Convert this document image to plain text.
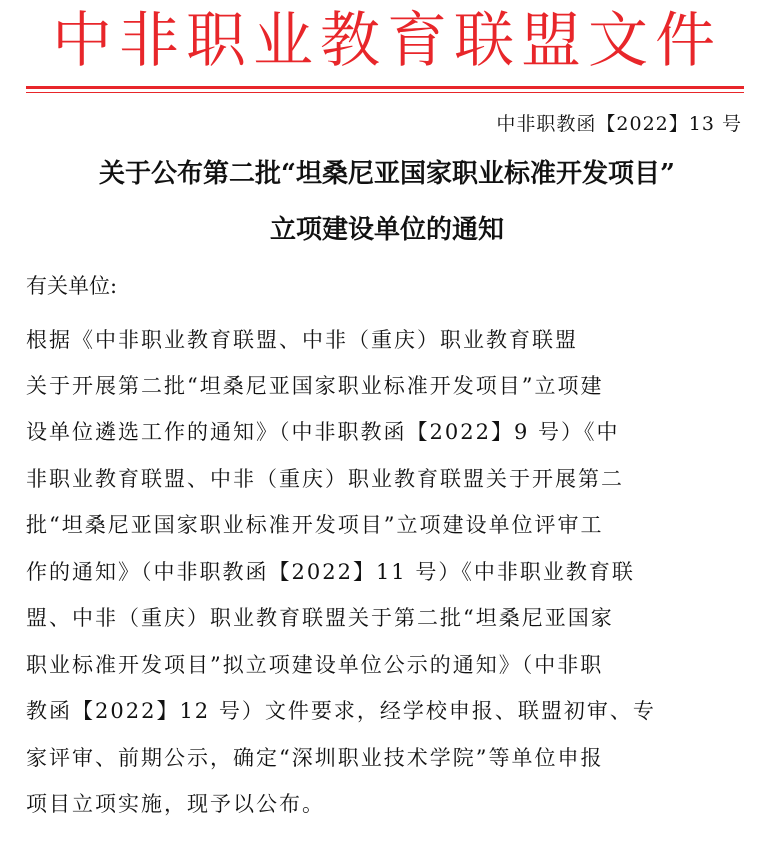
中非职业教育联盟文件
中非职教函【2022】13 号
关于公布第二批“坦桑尼亚国家职业标准开发项目”
立项建设单位的通知
有关单位:
根据《中非职业教育联盟、中非（重庆）职业教育联盟
关于开展第二批“坦桑尼亚国家职业标准开发项目”立项建
设单位遴选工作的通知》（中非职教函【2022】9 号）《中
非职业教育联盟、中非（重庆）职业教育联盟关于开展第二
批“坦桑尼亚国家职业标准开发项目”立项建设单位评审工
作的通知》（中非职教函【2022】11 号）《中非职业教育联
盟、中非（重庆）职业教育联盟关于第二批“坦桑尼亚国家
职业标准开发项目”拟立项建设单位公示的通知》（中非职
教函【2022】12 号）文件要求，经学校申报、联盟初审、专
家评审、前期公示，确定“深圳职业技术学院”等单位申报
项目立项实施，现予以公布。
